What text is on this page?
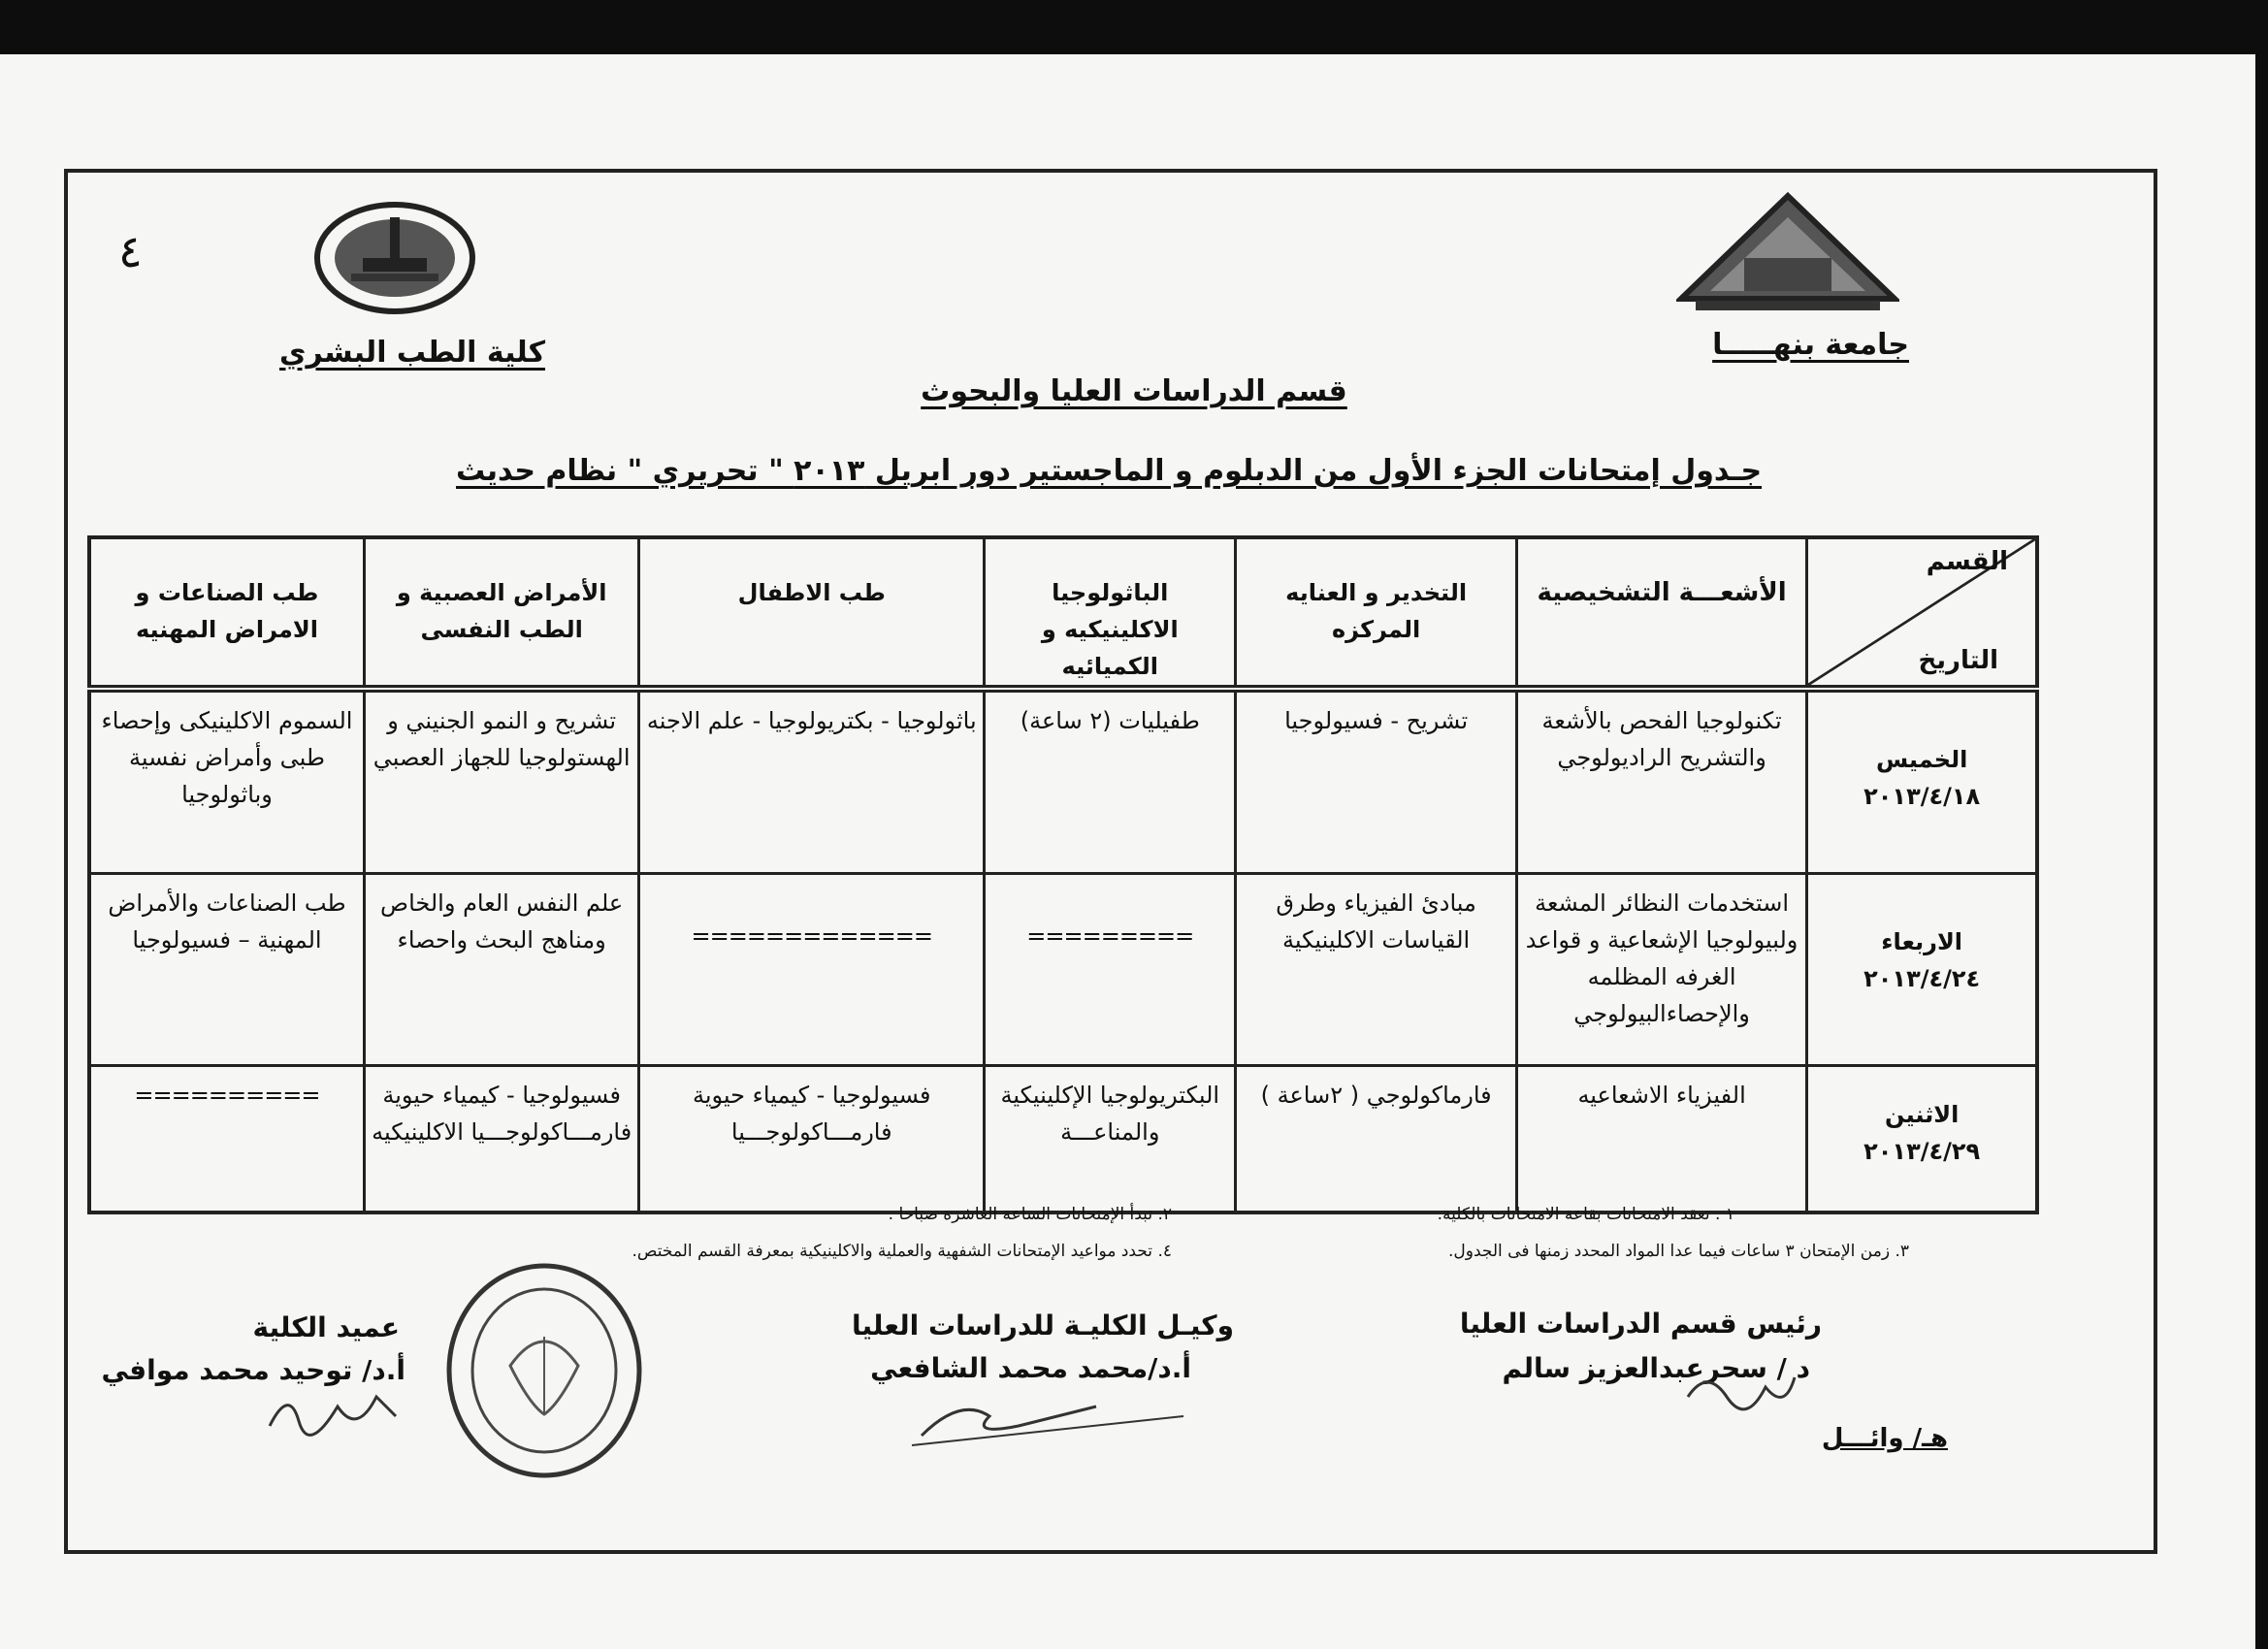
٤
كلية الطب البشري	جامعة بنهـــــا
قسم الدراسات العليا والبحوث
جـدول إمتحانات الجزء الأول من الدبلوم و الماجستير دور ابريل ٢٠١٣ " تحريري " نظام حديث
القسم
التاريخ	الأشعـــة التشخيصية	التخدير و العنايه المركزه	الباثولوجيا الاكلينيكيه و الكميائيه	طب الاطفال	الأمراض العصبية و الطب النفسى	طب الصناعات و الامراض المهنيه

الخميس
٢٠١٣/٤/١٨	تكنولوجيا الفحص بالأشعة والتشريح الراديولوجي	تشريح - فسيولوجيا	طفيليات (٢ ساعة)	باثولوجيا - بكتريولوجيا - علم الاجنه	تشريح و النمو الجنيني و الهستولوجيا للجهاز العصبي	السموم الاكلينيكى وإحصاء طبى وأمراض نفسية وباثولوجيا

الاربعاء
٢٠١٣/٤/٢٤	استخدمات النظائر المشعة ولبيولوجيا الإشعاعية و قواعد الغرفه المظلمه والإحصاءالبيولوجي	مبادئ الفيزياء وطرق القياسات الاكلينيكية	=========	=============	علم النفس العام والخاص ومناهج البحث واحصاء	طب الصناعات والأمراض المهنية – فسيولوجيا

الاثنين
٢٠١٣/٤/٢٩	الفيزياء الاشعاعيه	فارماكولوجي ( ٢ساعة )	البكتريولوجيا الإكلينيكية والمناعـــة	فسيولوجيا - كيمياء حيوية فارمـــاكولوجـــيا	فسيولوجيا - كيمياء حيوية فارمـــاكولوجـــيا الاكلينيكيه	==========
١ . تعقد الامتحانات بقاعة الامتحانات بالكلية.
٢. تبدأ الإمتحانات الساعة العاشرة صباحا .
٣. زمن الإمتحان ٣ ساعات فيما عدا المواد المحدد زمنها فى الجدول.
٤. تحدد مواعيد الإمتحانات الشفهية والعملية والاكلينيكية بمعرفة القسم المختص.
رئيس قسم الدراسات العليا
د / سحرعبدالعزيز سالم
وكيـل الكليـة للدراسات العليا
أ.د/محمد محمد الشافعي
عميد الكلية
أ.د/ توحيد محمد موافي
هـ/ وائـــل
